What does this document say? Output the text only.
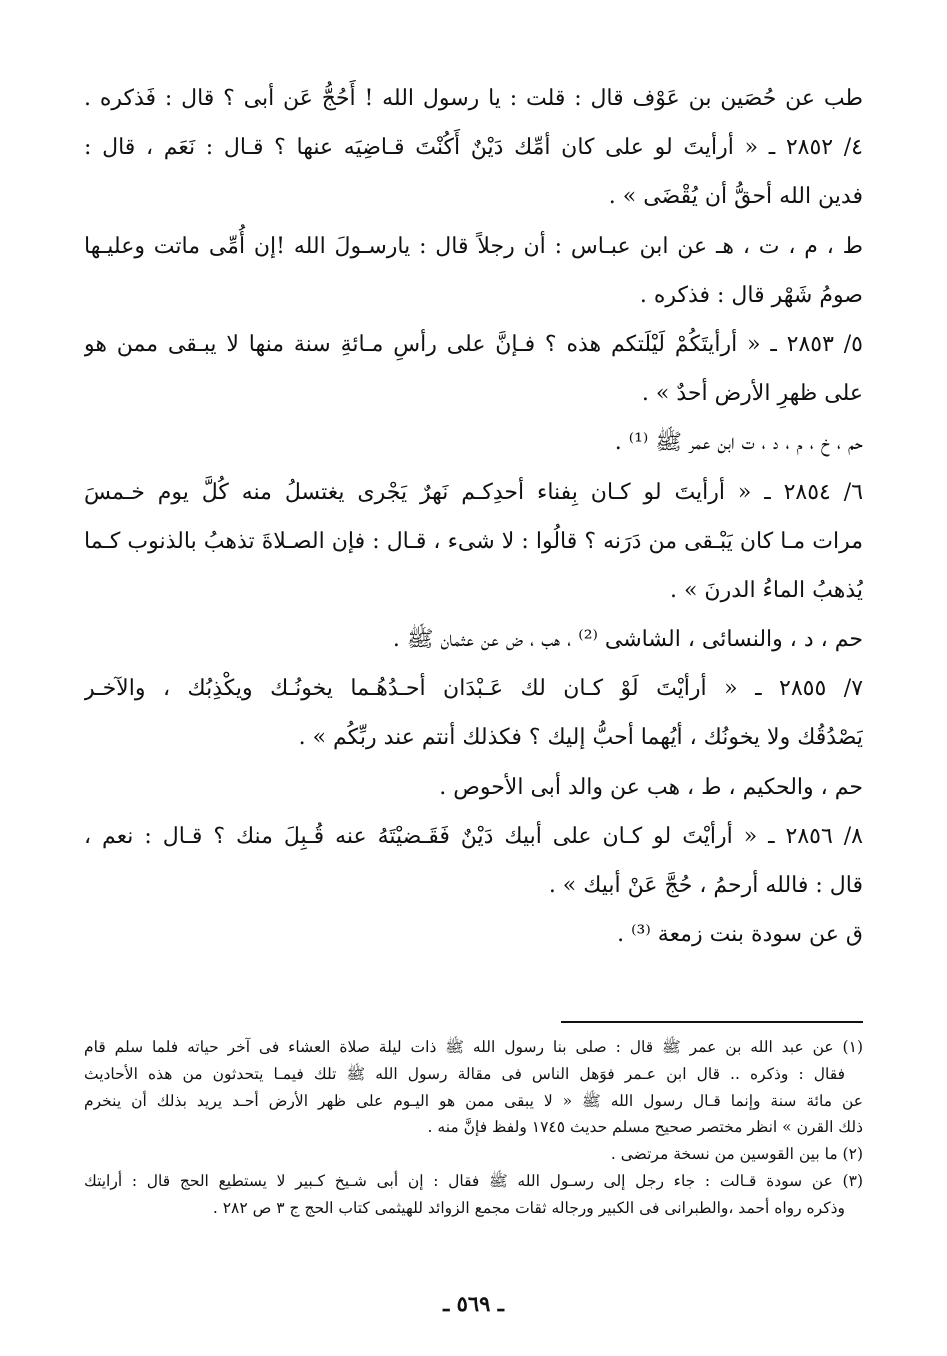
طب عن حُصَين بن عَوْف قال : قلت : يا رسول الله ! أَحُجُّ عَن أبى ؟ قال : فَذكره .
٤/ ٢٨٥٢ ـ « أرأيتَ لو على كان أمِّك دَيْنٌ أَكُنْتَ قـاضِيَه عنها ؟ قـال : نَعَم ، قال :
فدين الله أحقُّ أن يُقْضَى » .
ط ، م ، ت ، هـ عن ابن عبـاس : أن رجلاً قال : يارسـولَ الله !إن أُمِّى ماتت وعليـها
صومُ شَهْر قال : فذكره .
٥/ ٢٨٥٣ ـ « أرأيتَكُمْ لَيْلَتكم هذه ؟ فـإنَّ على رأسِ مـائةِ سنة منها لا يبـقى ممن هو
على ظهرِ الأرض أحدٌ » .
حم ، خ ، م ، د ، ت ابن عمر ﷺ ⁽¹⁾ .
٦/ ٢٨٥٤ ـ « أرأيتَ لو كـان بِفناء أحدِكـم نَهرٌ يَجْرى يغتسلُ منه كُلَّ يوم خـمسَ
مرات مـا كان يَبْـقى من دَرَنه ؟ قالُوا : لا شىء ، قـال : فإن الصـلاةَ تذهبُ بالذنوب كـما
يُذهبُ الماءُ الدرنَ » .
حم ، د ، والنسائى ، الشاشى ⁽²⁾ ، هب ، ض عن عثمان ﷺ .
٧/ ٢٨٥٥ ـ « أرأيْتَ لَوْ كـان لك عَـبْدَان أحـدُهُـما يخونُـك ويكْذِبُك ، والآخـر
يَصْدُقُك ولا يخونُك ، أيُهما أحبُّ إليك ؟ فكذلك أنتم عند ربِّكُم » .
حم ، والحكيم ، ط ، هب عن والد أبى الأحوص .
٨/ ٢٨٥٦ ـ « أرأيْتَ لو كـان على أبيك دَيْنٌ فَقَـضيْتَهُ عنه قُـبِلَ منك ؟ قـال : نعم ،
قال : فالله أرحمُ ، حُجَّ عَنْ أبيك » .
ق عن سودة بنت زمعة ⁽³⁾ .
(١) عن عبد الله بن عمر ﷺ قال : صلى بنا رسول الله ﷺ ذات ليلة صلاة العشاء فى آخر حياته فلما سلم قام
فقال : وذكره .. قال ابن عـمر فوَهل الناس فى مقالة رسول الله ﷺ تلك فيمـا يتحدثون من هذه الأحاديث
عن مائة سنة وإنما قـال رسول الله ﷺ « لا يبقى ممن هو اليـوم على ظهر الأرض أحـد يريد بذلك أن ينخرم
ذلك القرن » انظر مختصر صحيح مسلم حديث ١٧٤٥ ولفظ فإنَّ منه .
(٢) ما بين القوسين من نسخة مرتضى .
(٣) عن سودة قـالت : جاء رجل إلى رسـول الله ﷺ فقال : إن أبى شـيخ كـبير لا يستطيع الحج قال : أرايتك
وذكره رواه أحمد ،والطبرانى فى الكبير ورجاله ثقات مجمع الزوائد للهيثمى كتاب الحج ج ٣ ص ٢٨٢ .
ـ ٥٦٩ ـ
